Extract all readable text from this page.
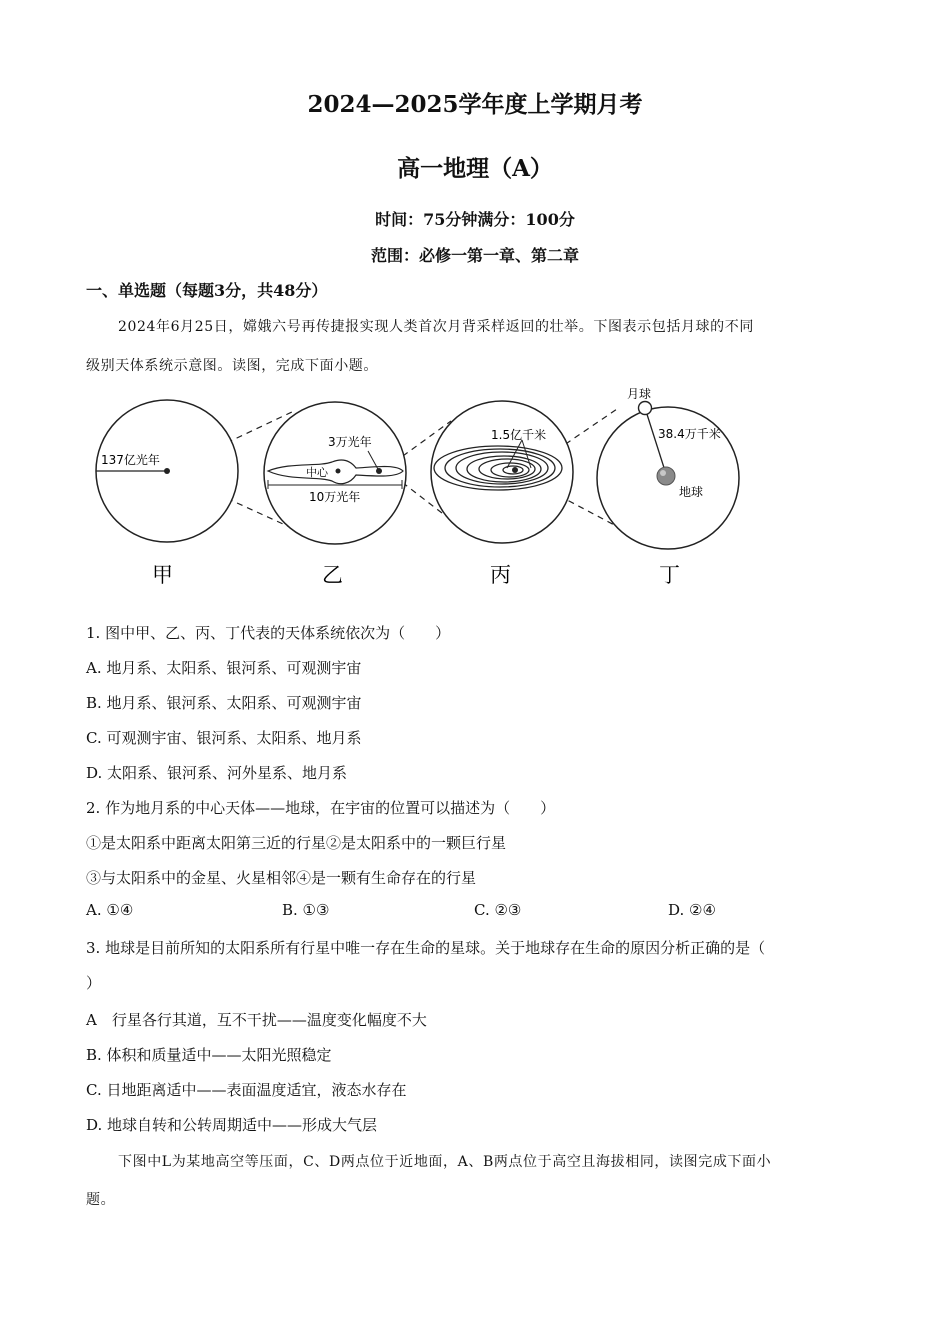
2024—2025学年度上学期月考
高一地理（A）
时间：75分钟满分：100分
范围：必修一第一章、第二章
一、单选题（每题3分，共48分）
2024年6月25日，嫦娥六号再传捷报实现人类首次月背采样返回的壮举。下图表示包括月球的不同
级别天体系统示意图。读图，完成下面小题。
137亿光年
甲
3万光年
中心
10万光年
乙
1.5亿千米
丙
月球
38.4万千米
地球
丁
1. 图中甲、乙、丙、丁代表的天体系统依次为（　　）
A. 地月系、太阳系、银河系、可观测宇宙
B. 地月系、银河系、太阳系、可观测宇宙
C. 可观测宇宙、银河系、太阳系、地月系
D. 太阳系、银河系、河外星系、地月系
2. 作为地月系的中心天体——地球，在宇宙的位置可以描述为（　　）
①是太阳系中距离太阳第三近的行星②是太阳系中的一颗巨行星
③与太阳系中的金星、火星相邻④是一颗有生命存在的行星
A. ①④	B. ①③	C. ②③	D. ②④
3. 地球是目前所知的太阳系所有行星中唯一存在生命的星球。关于地球存在生命的原因分析正确的是（
）
A　行星各行其道，互不干扰——温度变化幅度不大
B. 体积和质量适中——太阳光照稳定
C. 日地距离适中——表面温度适宜，液态水存在
D. 地球自转和公转周期适中——形成大气层
下图中L为某地高空等压面，C、D两点位于近地面，A、B两点位于高空且海拔相同，读图完成下面小
题。
